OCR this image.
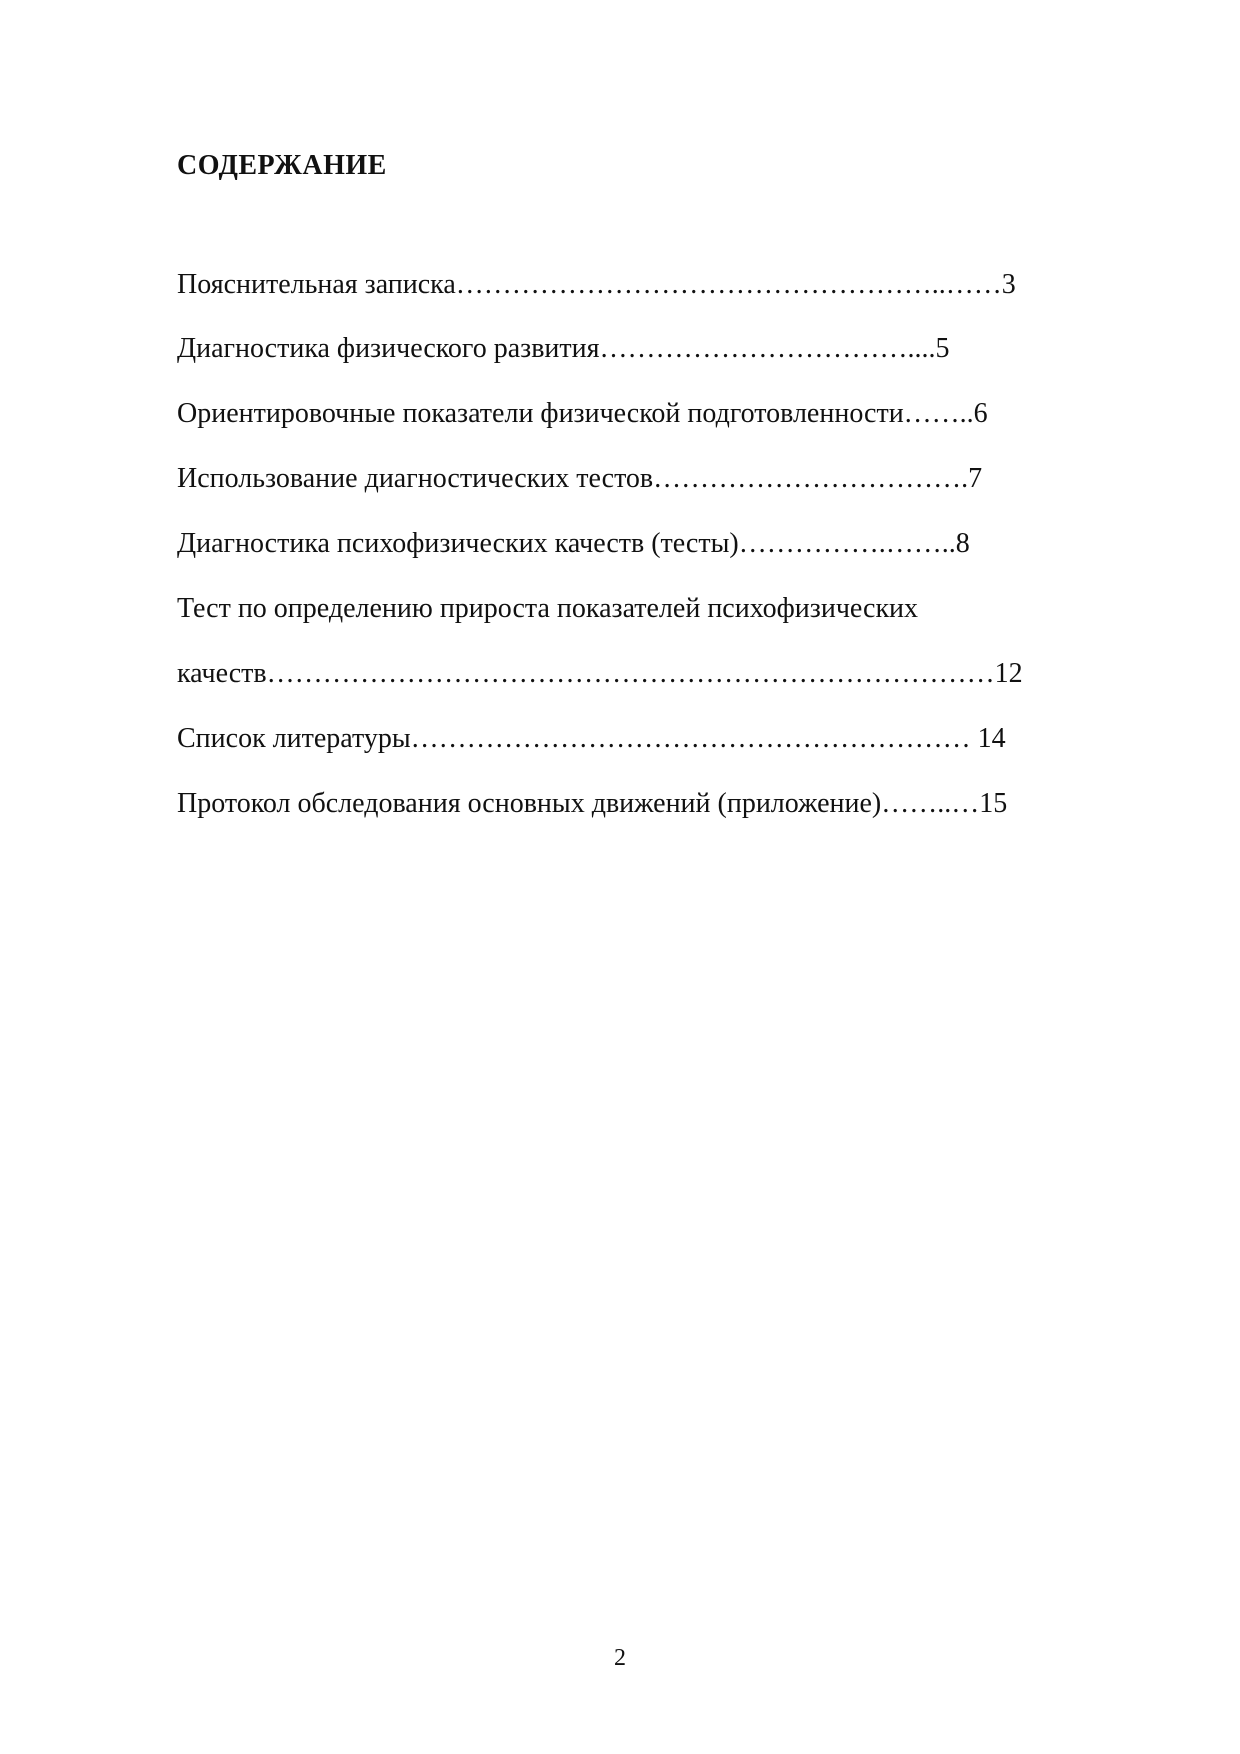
СОДЕРЖАНИЕ
Пояснительная записка……………………………………………..……3
Диагностика физического развития……………………………....5
Ориентировочные показатели физической подготовленности……..6
Использование диагностических тестов…………………………….7
Диагностика психофизических качеств (тесты)…………….……..8
Тест по определению прироста показателей психофизических
качеств……………………………………………………………………12
Список литературы…………………………………………………… 14
Протокол обследования основных движений (приложение)……..…15
2
